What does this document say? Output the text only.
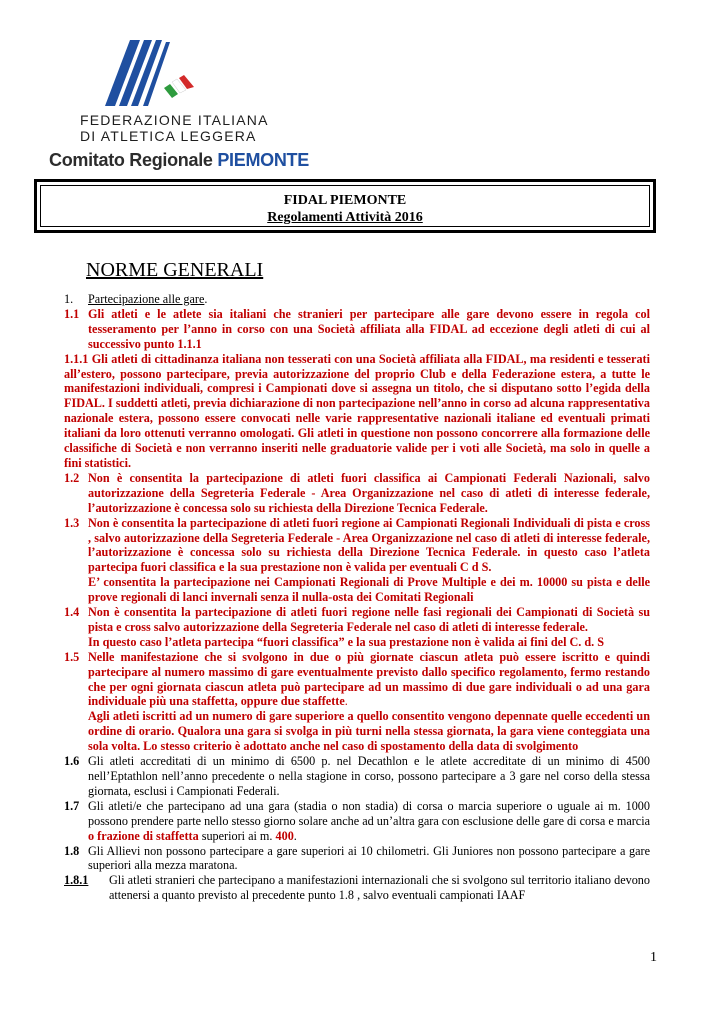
FEDERAZIONE ITALIANA
DI ATLETICA LEGGERA
Comitato Regionale PIEMONTE
FIDAL PIEMONTE
Regolamenti Attività 2016
NORME GENERALI
1.	Partecipazione alle gare.
1.1 Gli atleti e le atlete sia italiani che stranieri per partecipare alle gare devono essere in regola col tesseramento per l’anno in corso con una Società affiliata alla FIDAL ad eccezione degli atleti di cui al successivo punto 1.1.1

1.1.1 Gli atleti di cittadinanza italiana non tesserati con una Società affiliata alla FIDAL, ma residenti e tesserati all’estero, possono partecipare, previa autorizzazione del proprio Club e della Federazione estera, a tutte le manifestazioni individuali, compresi i Campionati dove si assegna un titolo, che si disputano sotto l’egida della FIDAL. I suddetti atleti, previa dichiarazione di non partecipazione nell’anno in corso ad alcuna rappresentativa nazionale estera, possono essere convocati nelle varie rappresentative nazionali italiane ed eventuali primati italiani da loro ottenuti verranno omologati. Gli atleti in questione non possono concorrere alla formazione delle classifiche di Società e non verranno inseriti nelle graduatorie valide per i voti alle Società, ma solo in quelle a fini statistici.

1.2 Non è consentita la partecipazione di atleti fuori classifica ai Campionati Federali Nazionali, salvo autorizzazione della Segreteria Federale - Area Organizzazione nel caso di atleti di interesse federale, l’autorizzazione è concessa solo su richiesta della Direzione Tecnica Federale.
1.3 Non è consentita la partecipazione di atleti fuori regione ai Campionati Regionali Individuali di pista e cross , salvo autorizzazione della Segreteria Federale - Area Organizzazione nel caso di atleti di interesse federale, l’autorizzazione è concessa solo su richiesta della Direzione Tecnica Federale. in questo caso l’atleta partecipa fuori classifica e la sua prestazione non è valida per eventuali C d S.
E’ consentita la partecipazione nei Campionati Regionali di Prove Multiple e dei m. 10000 su pista e delle prove regionali di lanci invernali senza il nulla-osta dei Comitati Regionali
1.4 Non è consentita la partecipazione di atleti fuori regione nelle fasi regionali dei Campionati di Società su pista e cross salvo autorizzazione della Segreteria Federale nel caso di atleti di interesse federale.
In questo caso l’atleta partecipa “fuori classifica” e la sua prestazione non è valida ai fini del C. d. S
1.5 Nelle manifestazione che si svolgono in due o più giornate ciascun atleta può essere iscritto e quindi partecipare al numero massimo di gare eventualmente previsto dallo specifico regolamento, fermo restando che per ogni giornata ciascun atleta può partecipare ad un massimo di due gare individuali o ad una gara individuale più una staffetta, oppure due staffette.
Agli atleti iscritti ad un numero di gare superiore a quello consentito vengono depennate quelle eccedenti un ordine di orario. Qualora una gara si svolga in più turni nella stessa giornata, la gara viene conteggiata una sola volta. Lo stesso criterio è adottato anche nel caso di spostamento della data di svolgimento
1.6 Gli atleti accreditati di un minimo di 6500 p. nel Decathlon e le atlete accreditate di un minimo di 4500 nell’Eptathlon nell’anno precedente o nella stagione in corso, possono partecipare a 3 gare nel corso della stessa giornata, esclusi i Campionati Federali.
1.7 Gli atleti/e che partecipano ad una gara (stadia o non stadia) di corsa o marcia superiore o uguale ai m. 1000 possono prendere parte nello stesso giorno solare anche ad un’altra gara con esclusione delle gare di corsa e marcia o frazione di staffetta superiori ai m. 400.
1.8 Gli Allievi non possono partecipare a gare superiori ai 10 chilometri. Gli Juniores non possono partecipare a gare superiori alla mezza maratona.
1.8.1	Gli atleti stranieri che partecipano a manifestazioni internazionali che si svolgono sul territorio italiano devono attenersi a quanto previsto al precedente punto 1.8 , salvo eventuali campionati IAAF
1
